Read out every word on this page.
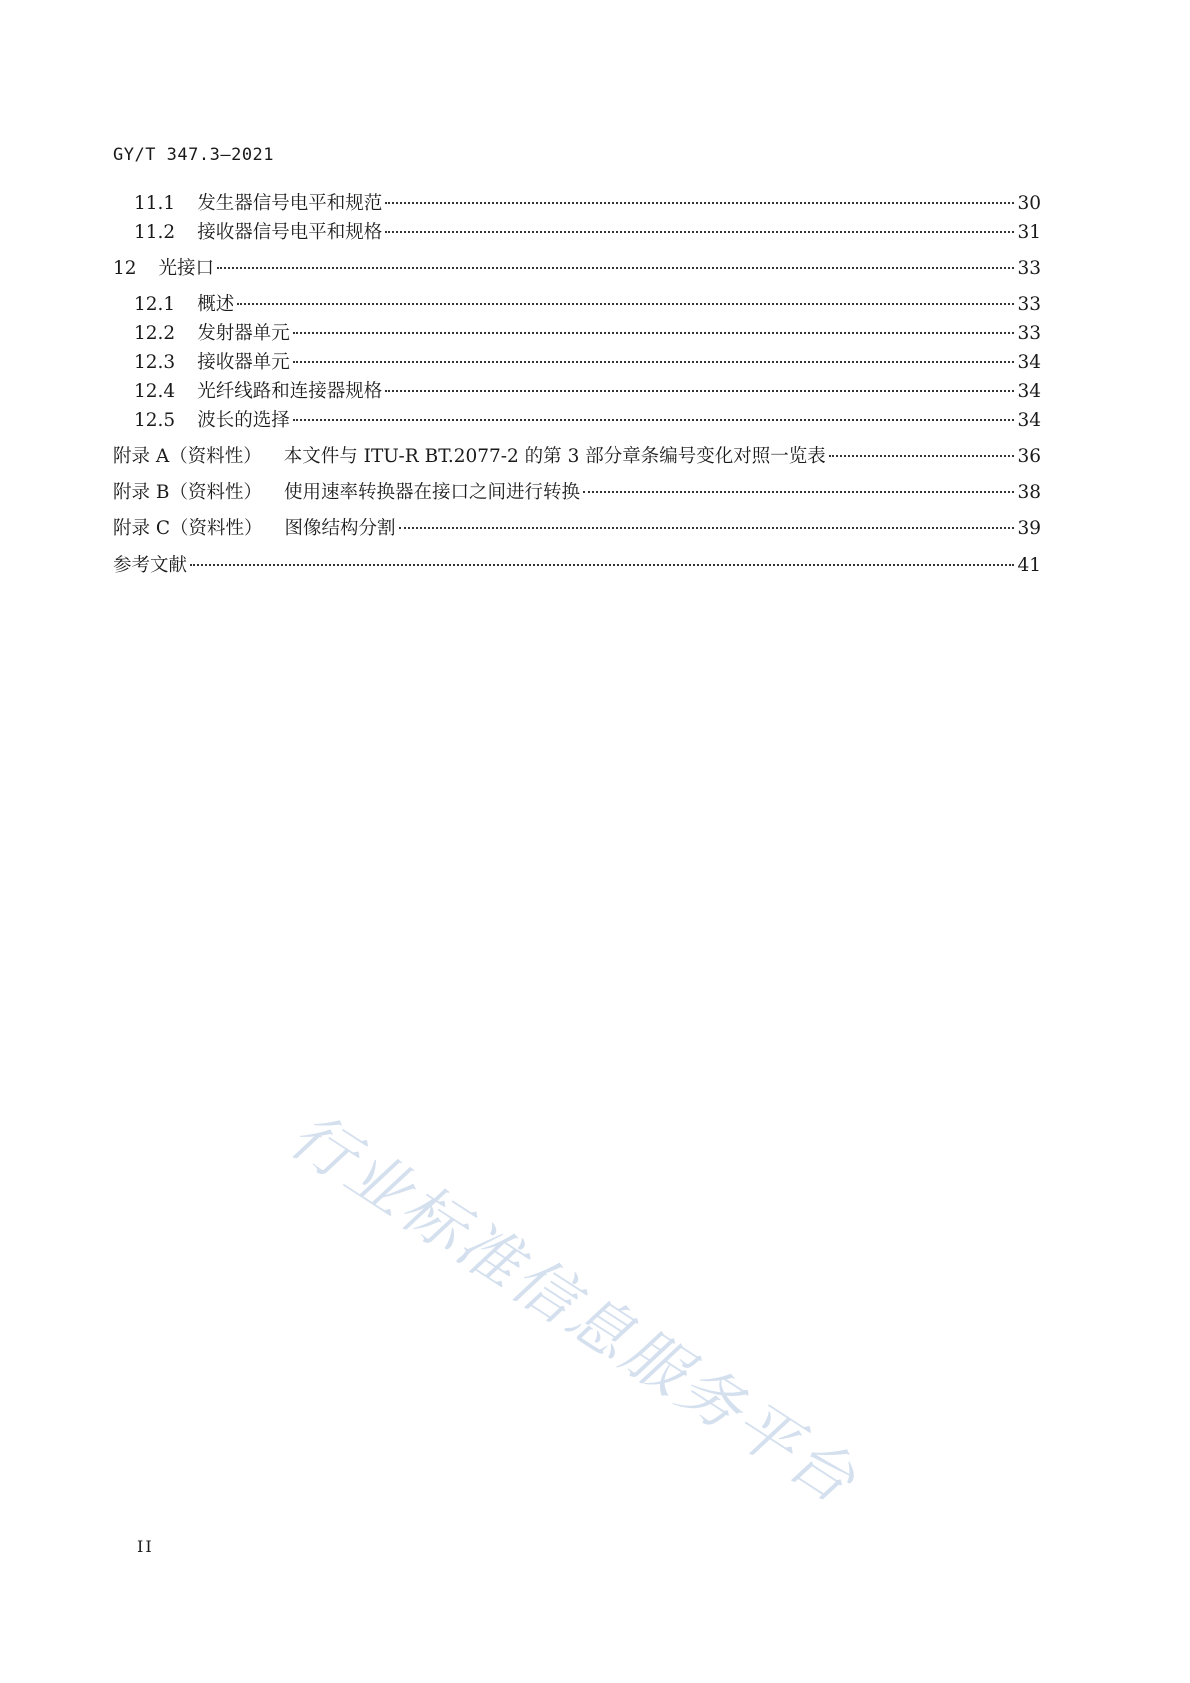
GY/T 347.3—2021
11.1 发生器信号电平和规范	30
11.2 接收器信号电平和规格	31
12 光接口	33
12.1 概述	33
12.2 发射器单元	33
12.3 接收器单元	34
12.4 光纤线路和连接器规格	34
12.5 波长的选择	34
附录 A（资料性） 本文件与 ITU-R BT.2077-2 的第 3 部分章条编号变化对照一览表	36
附录 B（资料性） 使用速率转换器在接口之间进行转换	38
附录 C（资料性） 图像结构分割	39
参考文献	41
行业标准信息服务平台
II
